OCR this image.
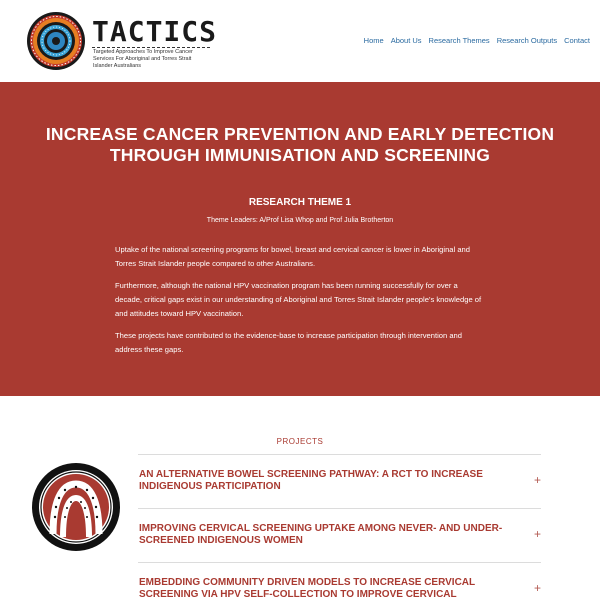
TACTICS
Targeted Approaches To Improve Cancer Services For Aboriginal and Torres Strait Islander Australians
Home About Us Research Themes Research Outputs Contact
INCREASE CANCER PREVENTION AND EARLY DETECTION THROUGH IMMUNISATION AND SCREENING
RESEARCH THEME 1
Theme Leaders: A/Prof Lisa Whop and Prof Julia Brotherton

Uptake of the national screening programs for bowel, breast and cervical cancer is lower in Aboriginal and Torres Strait Islander people compared to other Australians.

Furthermore, although the national HPV vaccination program has been running successfully for over a decade, critical gaps exist in our understanding of Aboriginal and Torres Strait Islander people’s knowledge of and attitudes toward HPV vaccination.

These projects have contributed to the evidence-base to increase participation through intervention and address these gaps.

PROJECTS
AN ALTERNATIVE BOWEL SCREENING PATHWAY: A RCT TO INCREASE INDIGENOUS PARTICIPATION	+
IMPROVING CERVICAL SCREENING UPTAKE AMONG NEVER- AND UNDER-SCREENED INDIGENOUS WOMEN	+
EMBEDDING COMMUNITY DRIVEN MODELS TO INCREASE CERVICAL SCREENING VIA HPV SELF-COLLECTION TO IMPROVE CERVICAL	+
